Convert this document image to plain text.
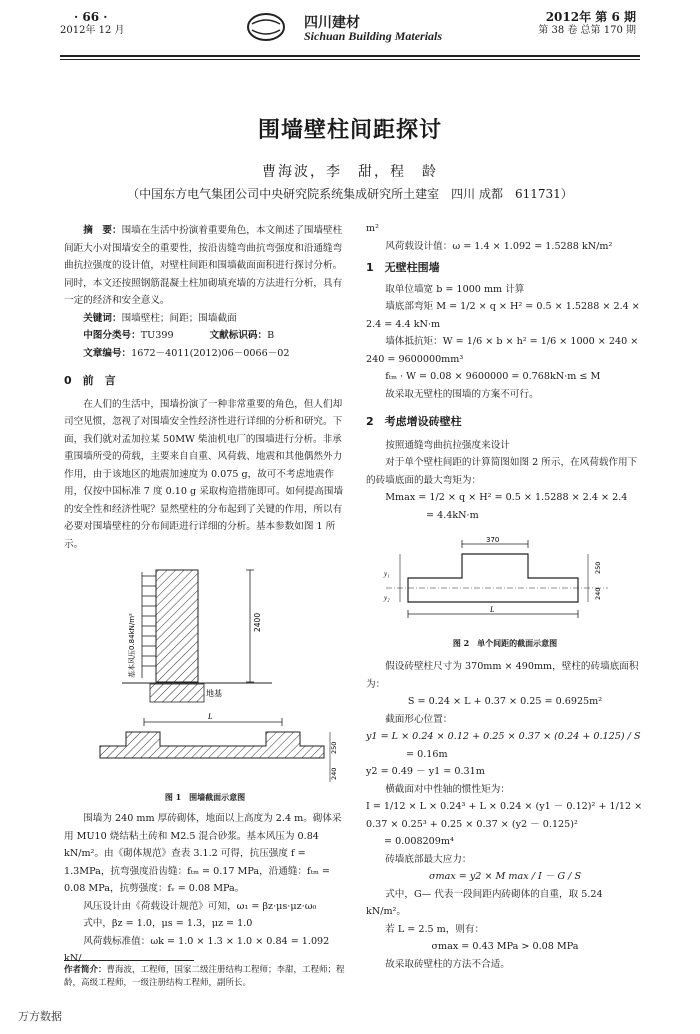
· 66 ·
2012年 12 月	四川建材
Sichuan Building Materials
2012年 第 6 期
第 38 卷 总第 170 期
围墙壁柱间距探讨
曹海波，李　甜，程　龄
（中国东方电气集团公司中央研究院系统集成研究所土建室　四川 成都　611731）

摘　要：围墙在生活中扮演着重要角色，本文阐述了围墙壁柱间距大小对围墙安全的重要性，按沿齿缝弯曲抗弯强度和沿通缝弯曲抗拉强度的设计值，对壁柱间距和围墙截面面积进行探讨分析。同时，本文还按照钢筋混凝土柱加砌填充墙的方法进行分析，具有一定的经济和安全意义。

关键词：围墙壁柱；间距；围墙截面

中图分类号：TU399	文献标识码：B

文章编号：1672－4011(2012)06－0066－02

0　前　言

在人们的生活中，围墙扮演了一种非常重要的角色，但人们却司空见惯，忽视了对围墙安全性经济性进行详细的分析和研究。下面，我们就对孟加拉某 50MW 柴油机电厂的围墙进行分析。非承重围墙所受的荷载，主要来自自重、风荷载、地震和其他偶然外力作用，由于该地区的地震加速度为 0.075 g，故可不考虑地震作用，仅按中国标准 7 度 0.10 g 采取构造措施即可。如何提高围墙的安全性和经济性呢？显然壁柱的分布起到了关键的作用，所以有必要对围墙壁柱的分布间距进行详细的分析。基本参数如图 1 所示。

基本风压0.84kN/m²	2400
地基
L
250
240
图 1　围墙截面示意图

围墙为 240 mm 厚砖砌体，地面以上高度为 2.4 m。砌体采用 MU10 烧结粘土砖和 M2.5 混合砂浆。基本风压为 0.84 kN/m²。由《砌体规范》查表 3.1.2 可得，抗压强度 f = 1.3MPa，抗弯强度沿齿缝：fₜₘ = 0.17 MPa，沿通缝：fₜₘ = 0.08 MPa，抗剪强度：fᵥ = 0.08 MPa。

风压设计由《荷载设计规范》可知，ω₁ = βz·μs·μz·ω₀

式中，βz = 1.0，μs = 1.3，μz = 1.0

风荷载标准值：ωk = 1.0 × 1.3 × 1.0 × 0.84 = 1.092 kN/

作者简介：曹海波，工程师，国家二级注册结构工程师；李甜，工程师；程龄，高级工程师，一级注册结构工程师，副所长。

m²

风荷载设计值：ω = 1.4 × 1.092 = 1.5288 kN/m²

1　无壁柱围墙

取单位墙宽 b = 1000 mm 计算

墙底部弯矩 M = 1/2 × q × H² = 0.5 × 1.5288 × 2.4 × 2.4 = 4.4 kN·m

墙体抵抗矩：W = 1/6 × b × h² = 1/6 × 1000 × 240 × 240 = 9600000mm³

fₜₘ · W = 0.08 × 9600000 = 0.768kN·m ≤ M

故采取无壁柱的围墙的方案不可行。

2　考虑增设砖壁柱

按照通缝弯曲抗拉强度来设计

对于单个壁柱间距的计算简图如图 2 所示，在风荷载作用下的砖墙底面的最大弯矩为：

Mmax = 1/2 × q × H² = 0.5 × 1.5288 × 2.4 × 2.4

= 4.4kN·m

370
y₁
y₂
250
240
L
图 2　单个间距的截面示意图

假设砖壁柱尺寸为 370mm × 490mm，壁柱的砖墙底面积为：

S = 0.24 × L + 0.37 × 0.25 = 0.6925m²

截面形心位置：

y1 = L × 0.24 × 0.12 + 0.25 × 0.37 × (0.24 + 0.125) / S

= 0.16m

y2 = 0.49 － y1 = 0.31m

横截面对中性轴的惯性矩为：

I = 1/12 × L × 0.24³ + L × 0.24 × (y1 － 0.12)² + 1/12 × 0.37 × 0.25³ + 0.25 × 0.37 × (y2 － 0.125)²

= 0.008209m⁴

砖墙底部最大应力：

σmax = y2 × M max / I － G / S

式中，G— 代表一段间距内砖砌体的自重，取 5.24 kN/m²。

若 L = 2.5 m，则有：

σmax = 0.43 MPa > 0.08 MPa

故采取砖壁柱的方法不合适。

万方数据
